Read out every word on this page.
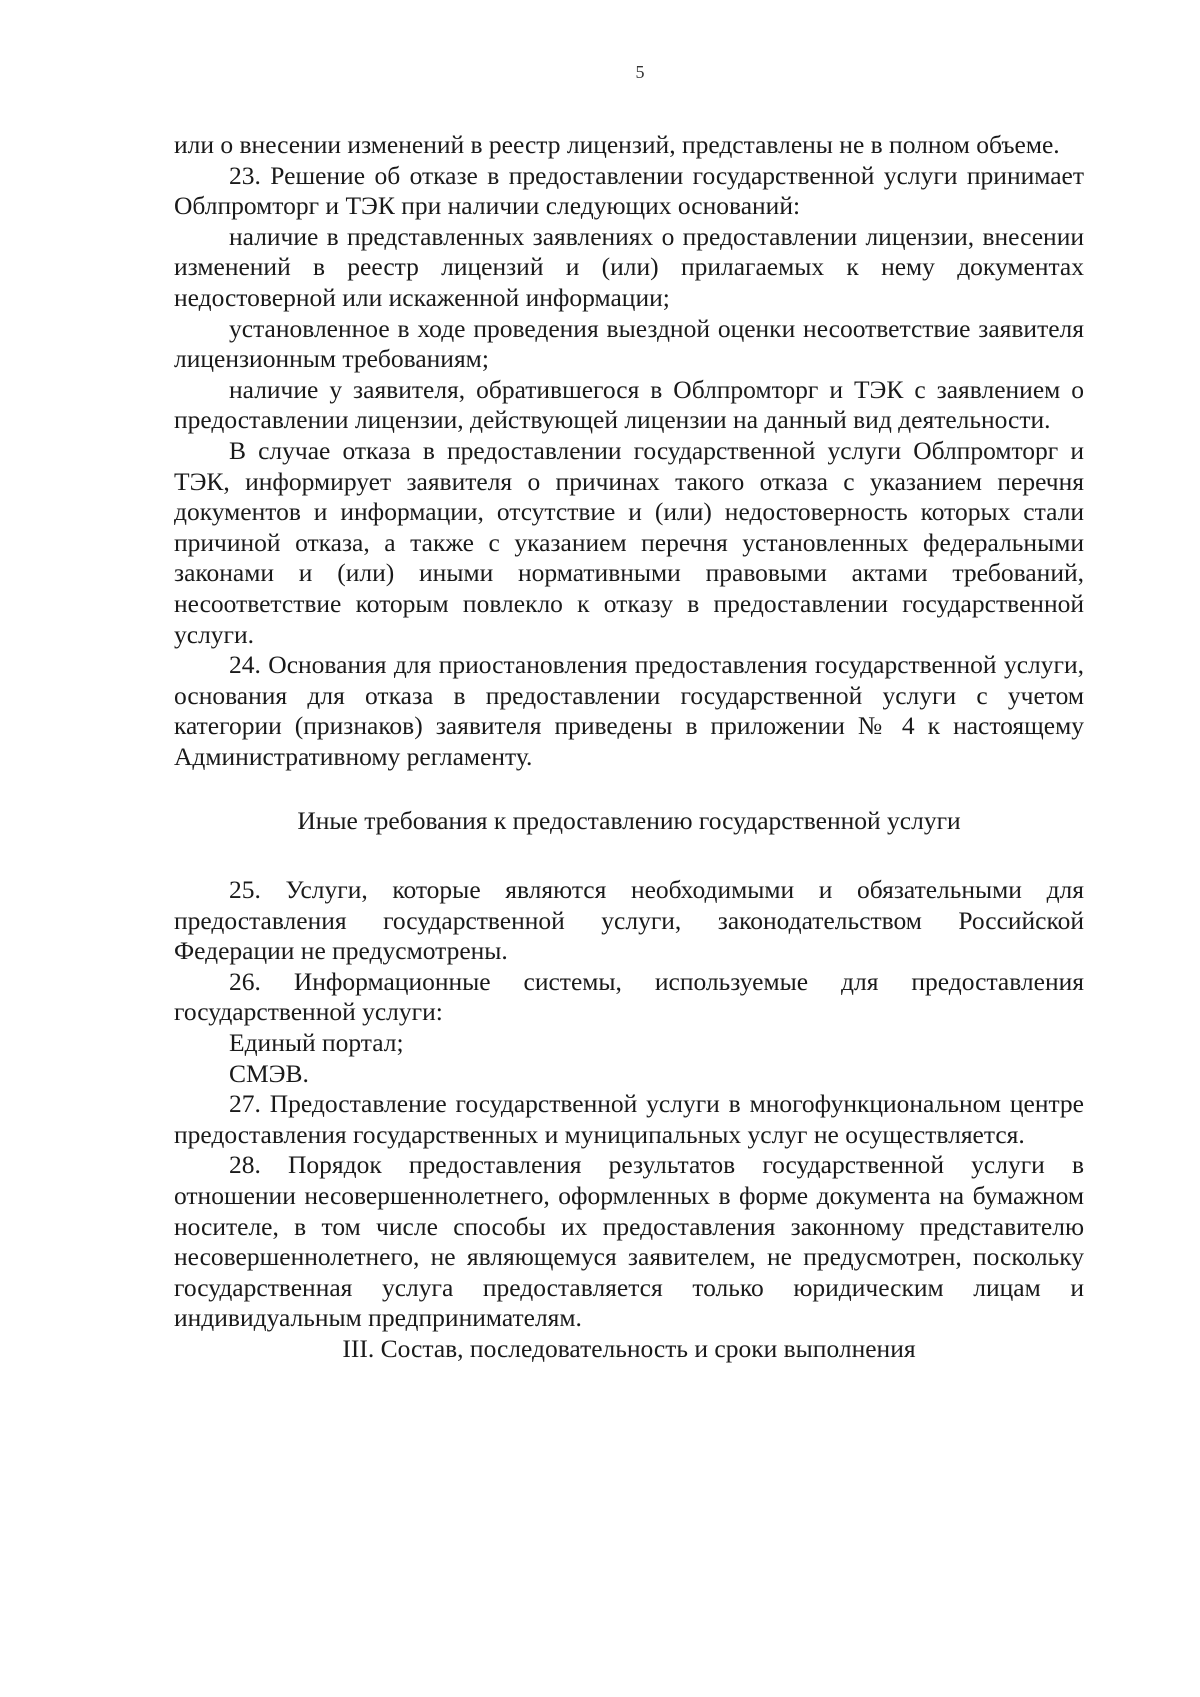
5

или о внесении изменений в реестр лицензий, представлены не в полном объеме.

23. Решение об отказе в предоставлении государственной услуги принимает Облпромторг и ТЭК при наличии следующих оснований:

наличие в представленных заявлениях о предоставлении лицензии, внесении изменений в реестр лицензий и (или) прилагаемых к нему документах недостоверной или искаженной информации;

установленное в ходе проведения выездной оценки несоответствие заявителя лицензионным требованиям;

наличие у заявителя, обратившегося в Облпромторг и ТЭК с заявлением о предоставлении лицензии, действующей лицензии на данный вид деятельности.

В случае отказа в предоставлении государственной услуги Облпромторг и ТЭК, информирует заявителя о причинах такого отказа с указанием перечня документов и информации, отсутствие и (или) недостоверность которых стали причиной отказа, а также с указанием перечня установленных федеральными законами и (или) иными нормативными правовыми актами требований, несоответствие которым повлекло к отказу в предоставлении государственной услуги.

24. Основания для приостановления предоставления государственной услуги, основания для отказа в предоставлении государственной услуги с учетом категории (признаков) заявителя приведены в приложении № 4 к настоящему Административному регламенту.

Иные требования к предоставлению государственной услуги

25. Услуги, которые являются необходимыми и обязательными для предоставления государственной услуги, законодательством Российской Федерации не предусмотрены.

26. Информационные системы, используемые для предоставления государственной услуги:

Единый портал;

СМЭВ.

27. Предоставление государственной услуги в многофункциональном центре предоставления государственных и муниципальных услуг не осуществляется.

28. Порядок предоставления результатов государственной услуги в отношении несовершеннолетнего, оформленных в форме документа на бумажном носителе, в том числе способы их предоставления законному представителю несовершеннолетнего, не являющемуся заявителем, не предусмотрен, поскольку государственная услуга предоставляется только юридическим лицам и индивидуальным предпринимателям.

III. Состав, последовательность и сроки выполнения
